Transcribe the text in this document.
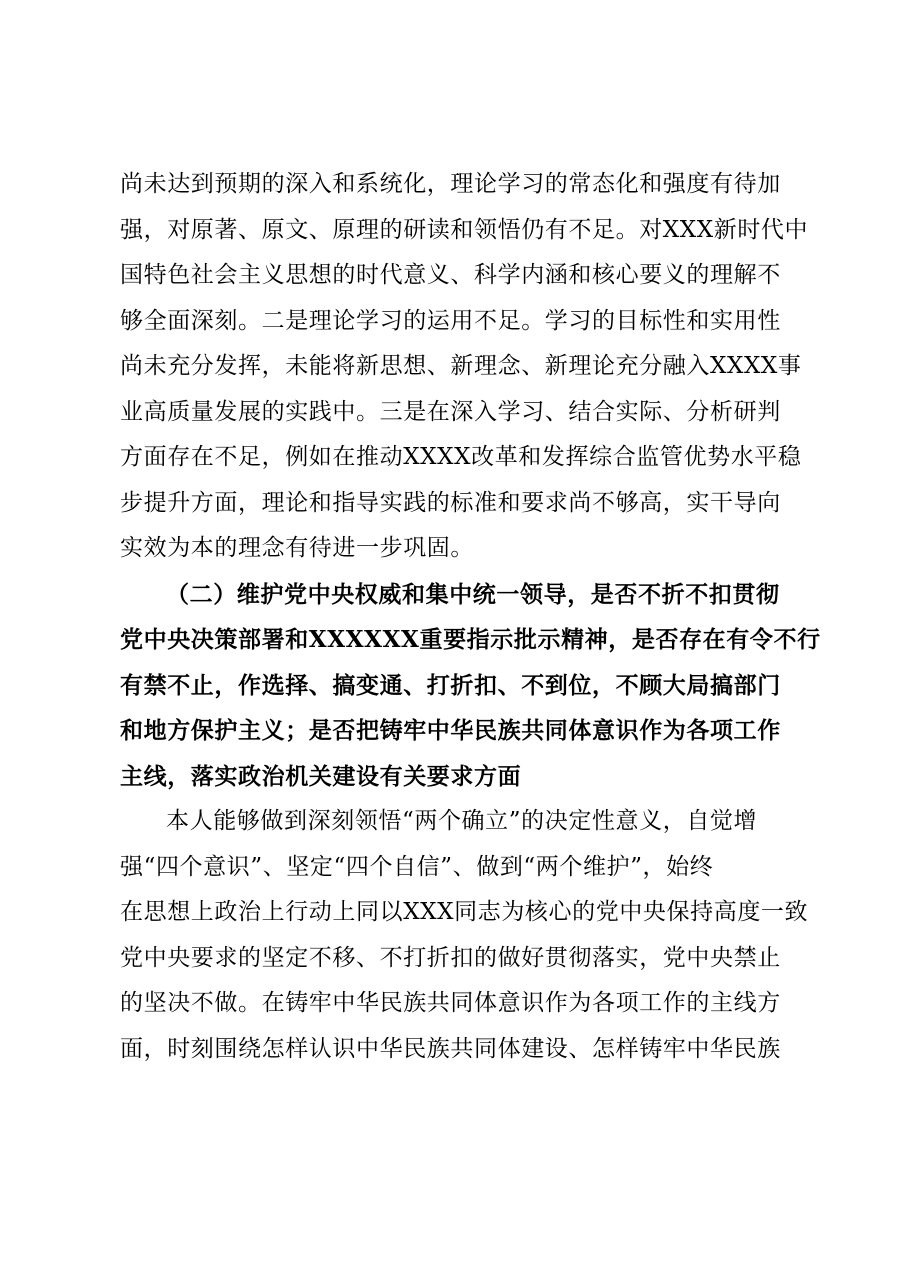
尚未达到预期的深入和系统化，理论学习的常态化和强度有待加
强，对原著、原文、原理的研读和领悟仍有不足。对XXX新时代中
国特色社会主义思想的时代意义、科学内涵和核心要义的理解不
够全面深刻。二是理论学习的运用不足。学习的目标性和实用性
尚未充分发挥，未能将新思想、新理念、新理论充分融入XXXX事
业高质量发展的实践中。三是在深入学习、结合实际、分析研判
方面存在不足，例如在推动XXXX改革和发挥综合监管优势水平稳
步提升方面，理论和指导实践的标准和要求尚不够高，实干导向
实效为本的理念有待进一步巩固。
（二）维护党中央权威和集中统一领导，是否不折不扣贯彻
党中央决策部署和XXXXXX重要指示批示精神，是否存在有令不行
有禁不止，作选择、搞变通、打折扣、不到位，不顾大局搞部门
和地方保护主义；是否把铸牢中华民族共同体意识作为各项工作
主线，落实政治机关建设有关要求方面
本人能够做到深刻领悟“两个确立”的决定性意义，自觉增
强“四个意识”、坚定“四个自信”、做到“两个维护”，始终
在思想上政治上行动上同以XXX同志为核心的党中央保持高度一致
党中央要求的坚定不移、不打折扣的做好贯彻落实，党中央禁止
的坚决不做。在铸牢中华民族共同体意识作为各项工作的主线方
面，时刻围绕怎样认识中华民族共同体建设、怎样铸牢中华民族
